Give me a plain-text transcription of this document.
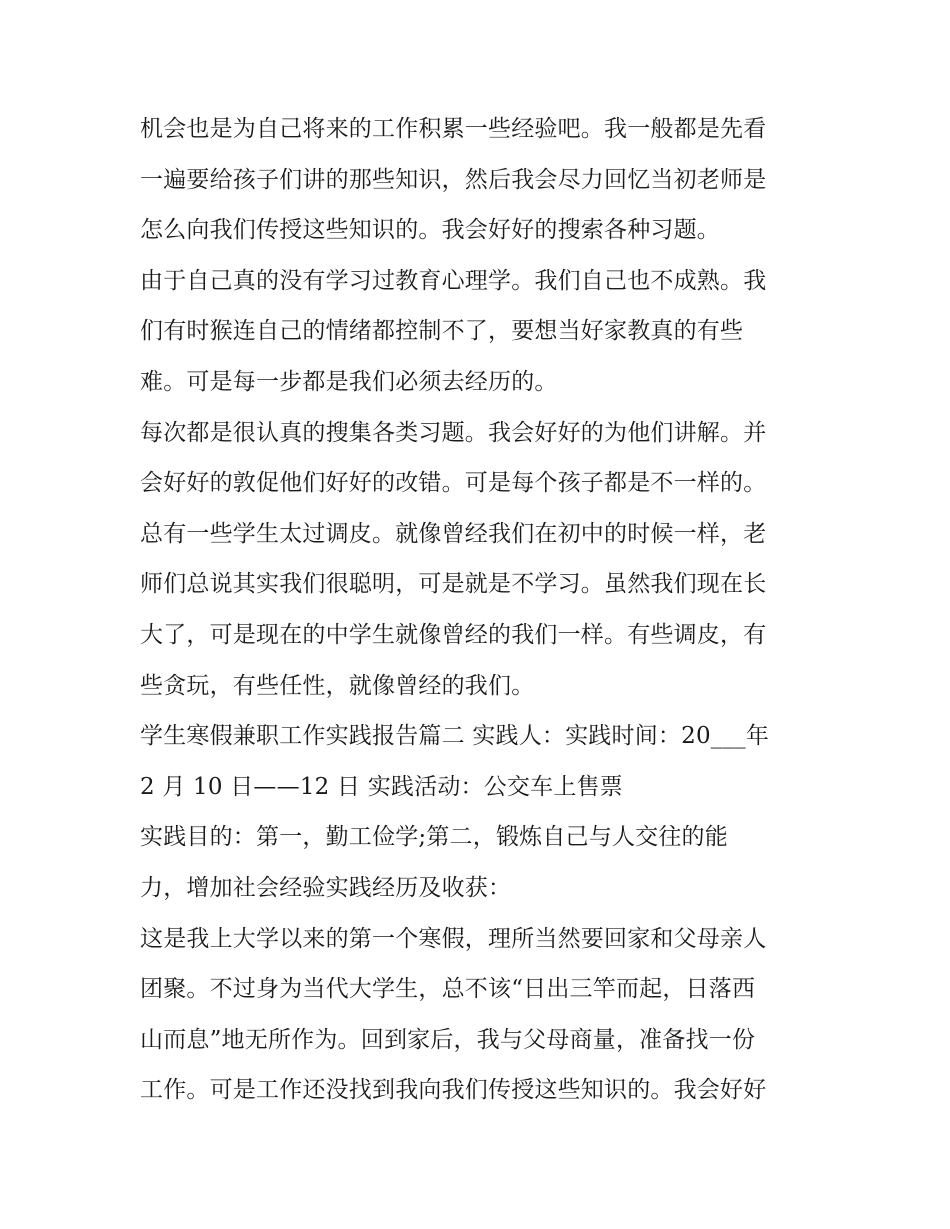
机会也是为自己将来的工作积累一些经验吧。我一般都是先看
一遍要给孩子们讲的那些知识，然后我会尽力回忆当初老师是
怎么向我们传授这些知识的。我会好好的搜索各种习题。
由于自己真的没有学习过教育心理学。我们自己也不成熟。我
们有时猴连自己的情绪都控制不了，要想当好家教真的有些
难。可是每一步都是我们必须去经历的。
每次都是很认真的搜集各类习题。我会好好的为他们讲解。并
会好好的敦促他们好好的改错。可是每个孩子都是不一样的。
总有一些学生太过调皮。就像曾经我们在初中的时候一样，老
师们总说其实我们很聪明，可是就是不学习。虽然我们现在长
大了，可是现在的中学生就像曾经的我们一样。有些调皮，有
些贪玩，有些任性，就像曾经的我们。
学生寒假兼职工作实践报告篇二 实践人：实践时间：20___年
2 月 10 日——12 日 实践活动：公交车上售票
实践目的：第一，勤工俭学;第二，锻炼自己与人交往的能
力，增加社会经验实践经历及收获：
这是我上大学以来的第一个寒假，理所当然要回家和父母亲人
团聚。不过身为当代大学生，总不该“日出三竿而起，日落西
山而息”地无所作为。回到家后，我与父母商量，准备找一份
工作。可是工作还没找到我向我们传授这些知识的。我会好好
